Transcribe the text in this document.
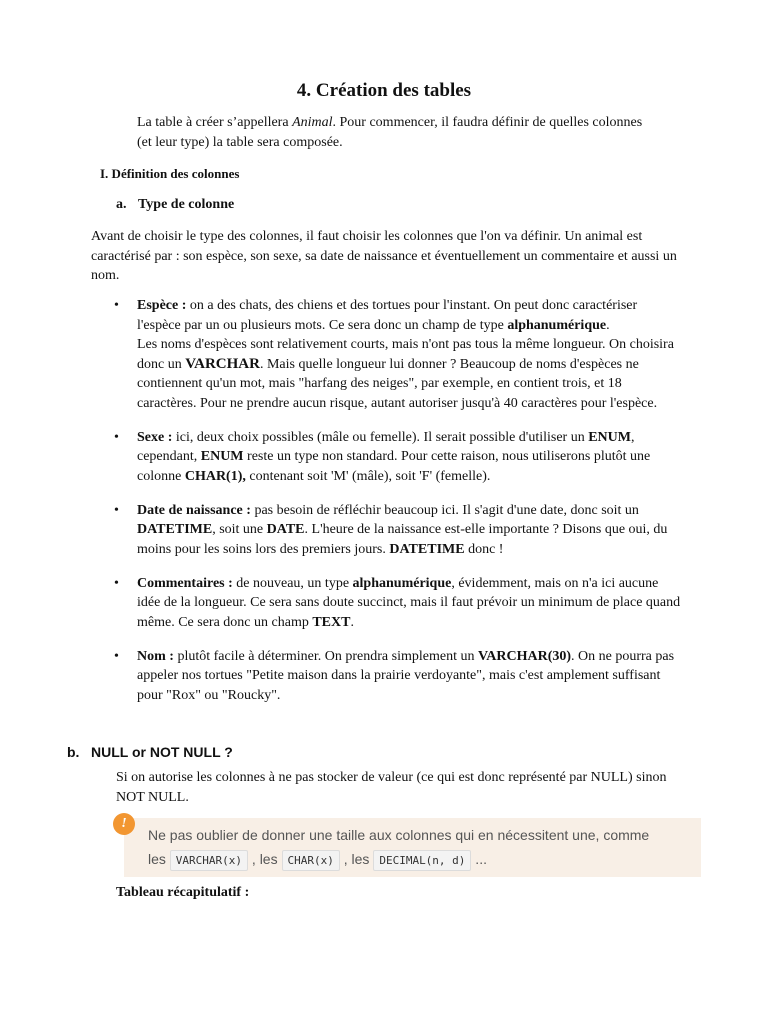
4. Création des tables
La table à créer s’appellera Animal. Pour commencer, il faudra définir de quelles colonnes (et leur type) la table sera composée.
I. Définition des colonnes
a. Type de colonne
Avant de choisir le type des colonnes, il faut choisir les colonnes que l'on va définir. Un animal est caractérisé par : son espèce, son sexe, sa date de naissance et éventuellement un commentaire et aussi un nom.
• Espèce : on a des chats, des chiens et des tortues pour l'instant. On peut donc caractériser l'espèce par un ou plusieurs mots. Ce sera donc un champ de type alphanumérique.
Les noms d'espèces sont relativement courts, mais n'ont pas tous la même longueur. On choisira donc un VARCHAR. Mais quelle longueur lui donner ? Beaucoup de noms d'espèces ne contiennent qu'un mot, mais "harfang des neiges", par exemple, en contient trois, et 18 caractères. Pour ne prendre aucun risque, autant autoriser jusqu'à 40 caractères pour l'espèce.
• Sexe : ici, deux choix possibles (mâle ou femelle). Il serait possible d'utiliser un ENUM, cependant, ENUM reste un type non standard. Pour cette raison, nous utiliserons plutôt une colonne CHAR(1), contenant soit 'M' (mâle), soit 'F' (femelle).
• Date de naissance : pas besoin de réfléchir beaucoup ici. Il s'agit d'une date, donc soit un DATETIME, soit une DATE. L'heure de la naissance est-elle importante ? Disons que oui, du moins pour les soins lors des premiers jours. DATETIME donc !
• Commentaires : de nouveau, un type alphanumérique, évidemment, mais on n'a ici aucune idée de la longueur. Ce sera sans doute succinct, mais il faut prévoir un minimum de place quand même. Ce sera donc un champ TEXT.
• Nom : plutôt facile à déterminer. On prendra simplement un VARCHAR(30). On ne pourra pas appeler nos tortues "Petite maison dans la prairie verdoyante", mais c'est amplement suffisant pour "Rox" ou "Roucky".
b. NULL or NOT NULL ?
Si on autorise les colonnes à ne pas stocker de valeur (ce qui est donc représenté par NULL) sinon NOT NULL.
!
Ne pas oublier de donner une taille aux colonnes qui en nécessitent une, comme
les VARCHAR(x) , les CHAR(x) , les DECIMAL(n, d) ...
Tableau récapitulatif :
